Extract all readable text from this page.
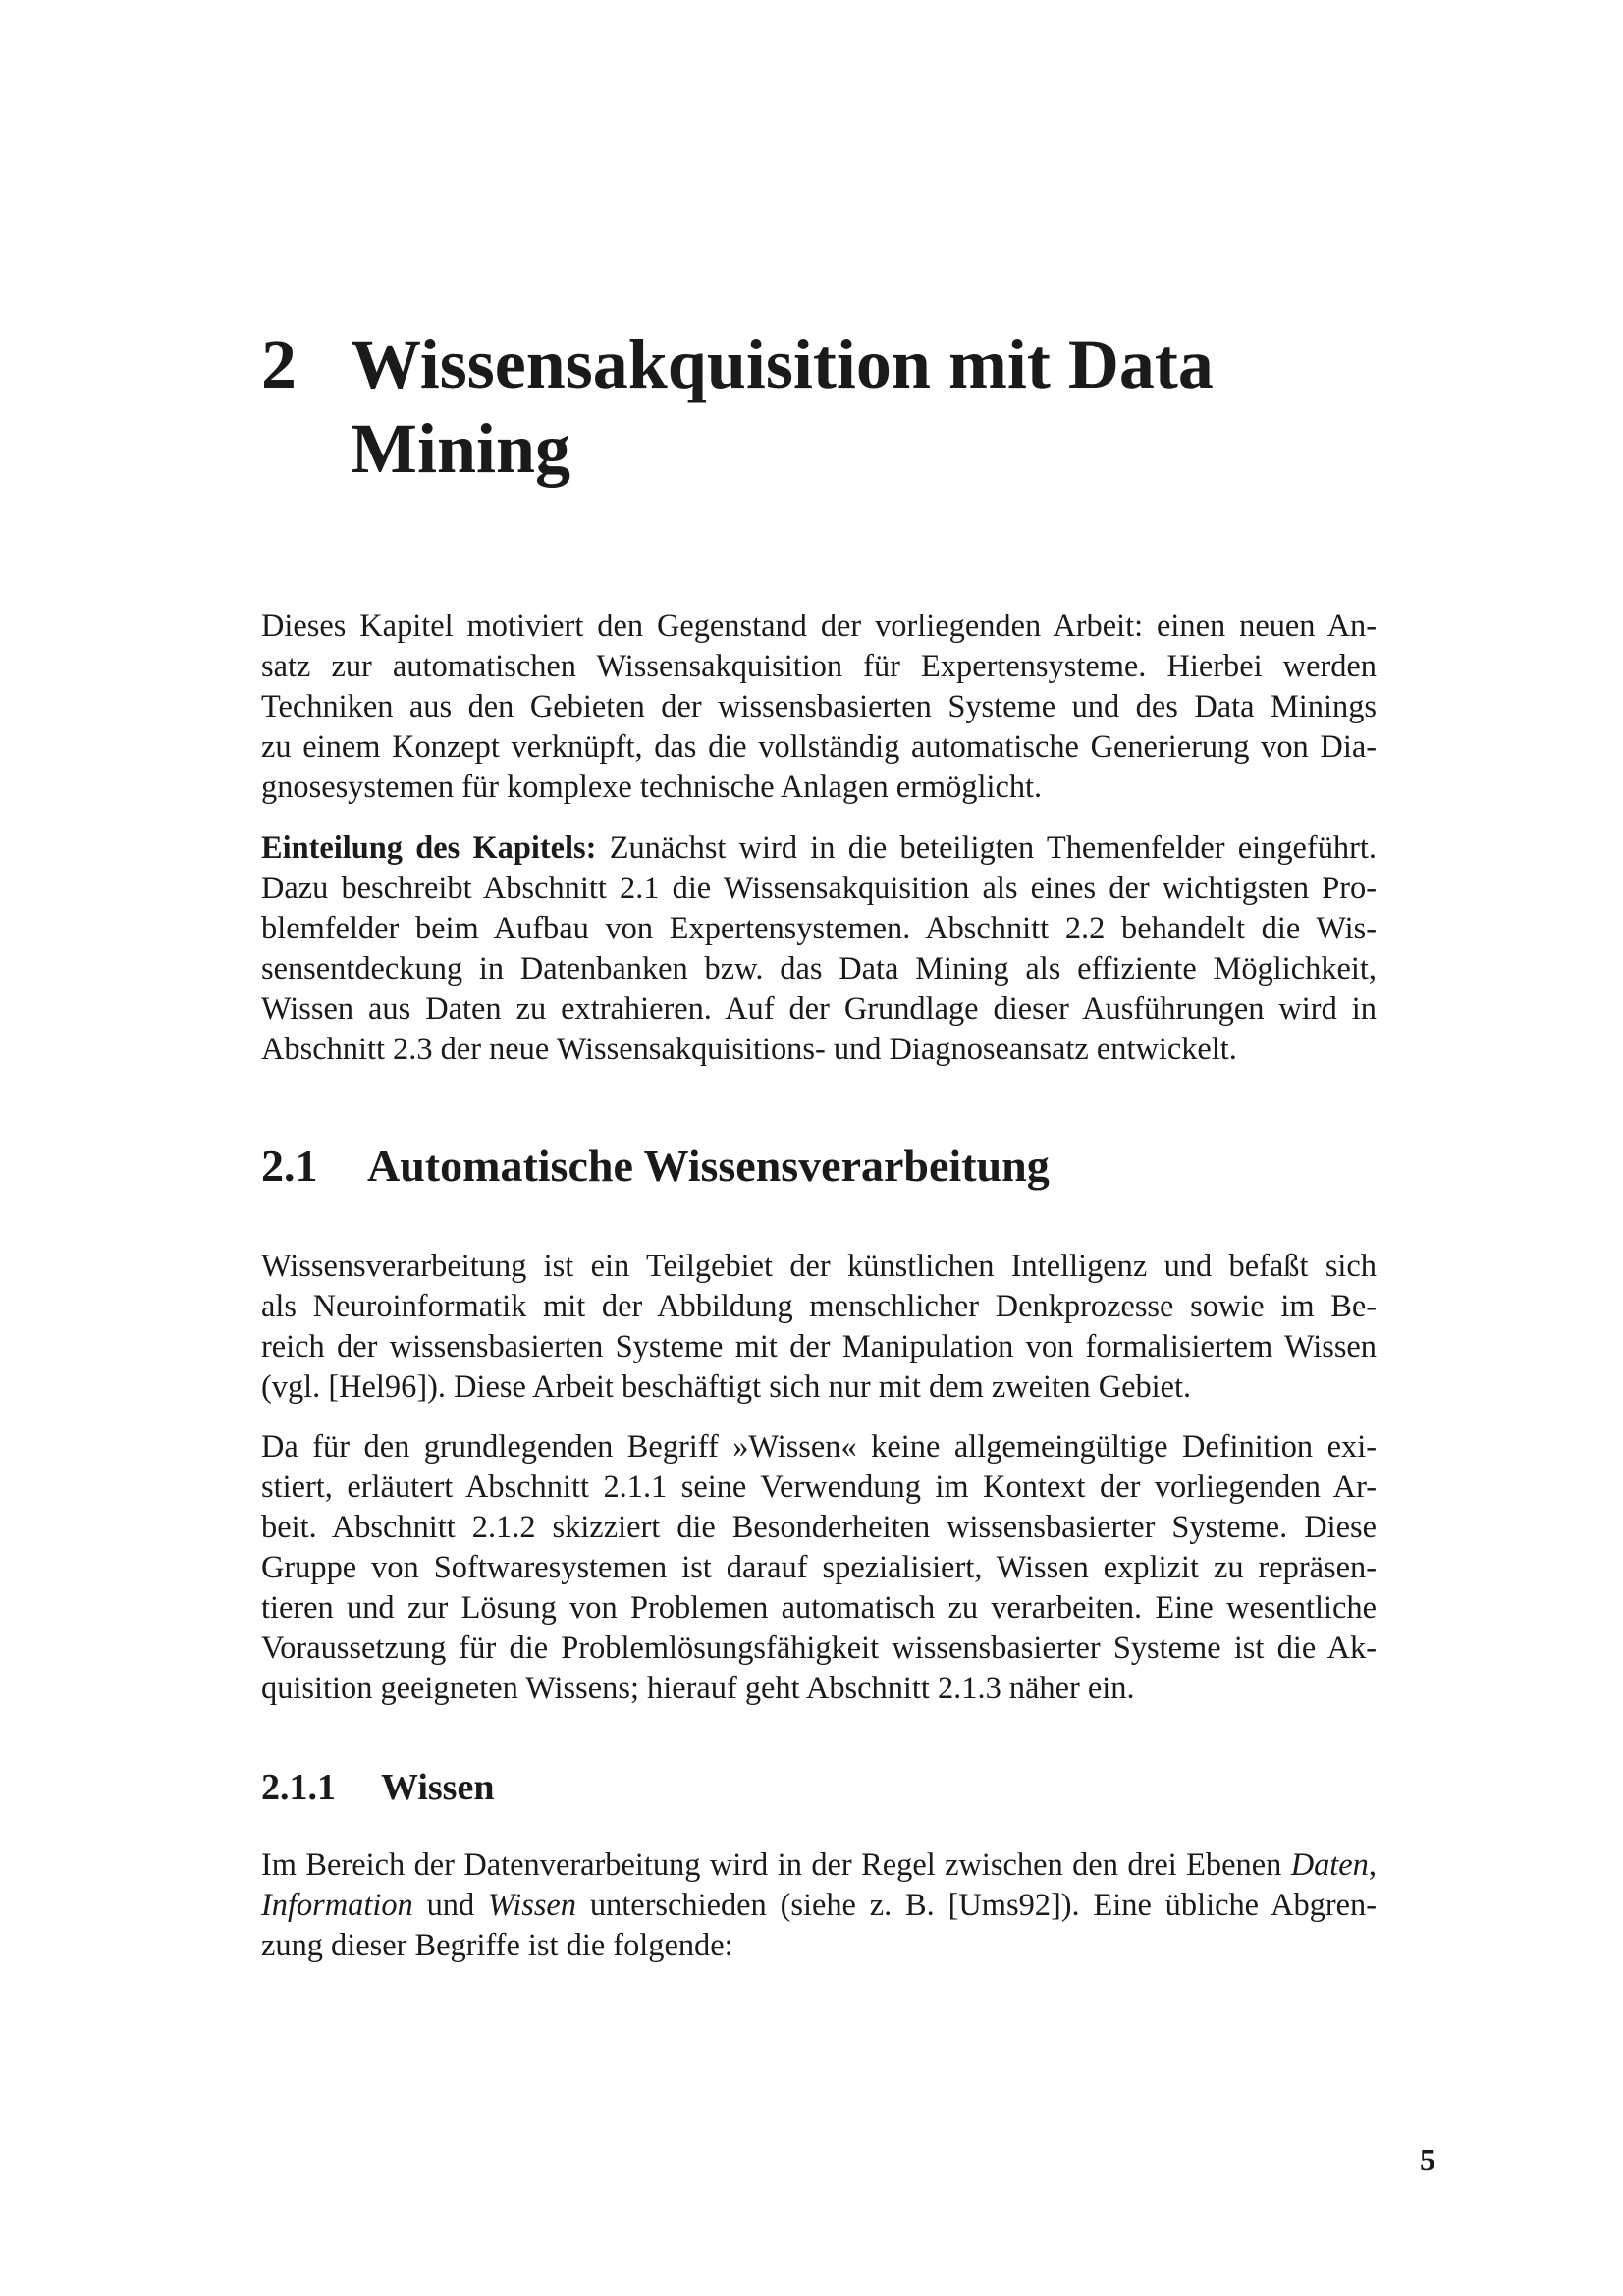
2 Wissensakquisition mit Data
Mining
Dieses Kapitel motiviert den Gegenstand der vorliegenden Arbeit: einen neuen An-
satz zur automatischen Wissensakquisition für Expertensysteme. Hierbei werden
Techniken aus den Gebieten der wissensbasierten Systeme und des Data Minings
zu einem Konzept verknüpft, das die vollständig automatische Generierung von Dia-
gnosesystemen für komplexe technische Anlagen ermöglicht.
Einteilung des Kapitels: Zunächst wird in die beteiligten Themenfelder eingeführt.
Dazu beschreibt Abschnitt 2.1 die Wissensakquisition als eines der wichtigsten Pro-
blemfelder beim Aufbau von Expertensystemen. Abschnitt 2.2 behandelt die Wis-
sensentdeckung in Datenbanken bzw. das Data Mining als effiziente Möglichkeit,
Wissen aus Daten zu extrahieren. Auf der Grundlage dieser Ausführungen wird in
Abschnitt 2.3 der neue Wissensakquisitions- und Diagnoseansatz entwickelt.
2.1 Automatische Wissensverarbeitung
Wissensverarbeitung ist ein Teilgebiet der künstlichen Intelligenz und befaßt sich
als Neuroinformatik mit der Abbildung menschlicher Denkprozesse sowie im Be-
reich der wissensbasierten Systeme mit der Manipulation von formalisiertem Wissen
(vgl. [Hel96]). Diese Arbeit beschäftigt sich nur mit dem zweiten Gebiet.
Da für den grundlegenden Begriff »Wissen« keine allgemeingültige Definition exi-
stiert, erläutert Abschnitt 2.1.1 seine Verwendung im Kontext der vorliegenden Ar-
beit. Abschnitt 2.1.2 skizziert die Besonderheiten wissensbasierter Systeme. Diese
Gruppe von Softwaresystemen ist darauf spezialisiert, Wissen explizit zu repräsen-
tieren und zur Lösung von Problemen automatisch zu verarbeiten. Eine wesentliche
Voraussetzung für die Problemlösungsfähigkeit wissensbasierter Systeme ist die Ak-
quisition geeigneten Wissens; hierauf geht Abschnitt 2.1.3 näher ein.
2.1.1 Wissen
Im Bereich der Datenverarbeitung wird in der Regel zwischen den drei Ebenen Daten,
Information und Wissen unterschieden (siehe z. B. [Ums92]). Eine übliche Abgren-
zung dieser Begriffe ist die folgende:
5
